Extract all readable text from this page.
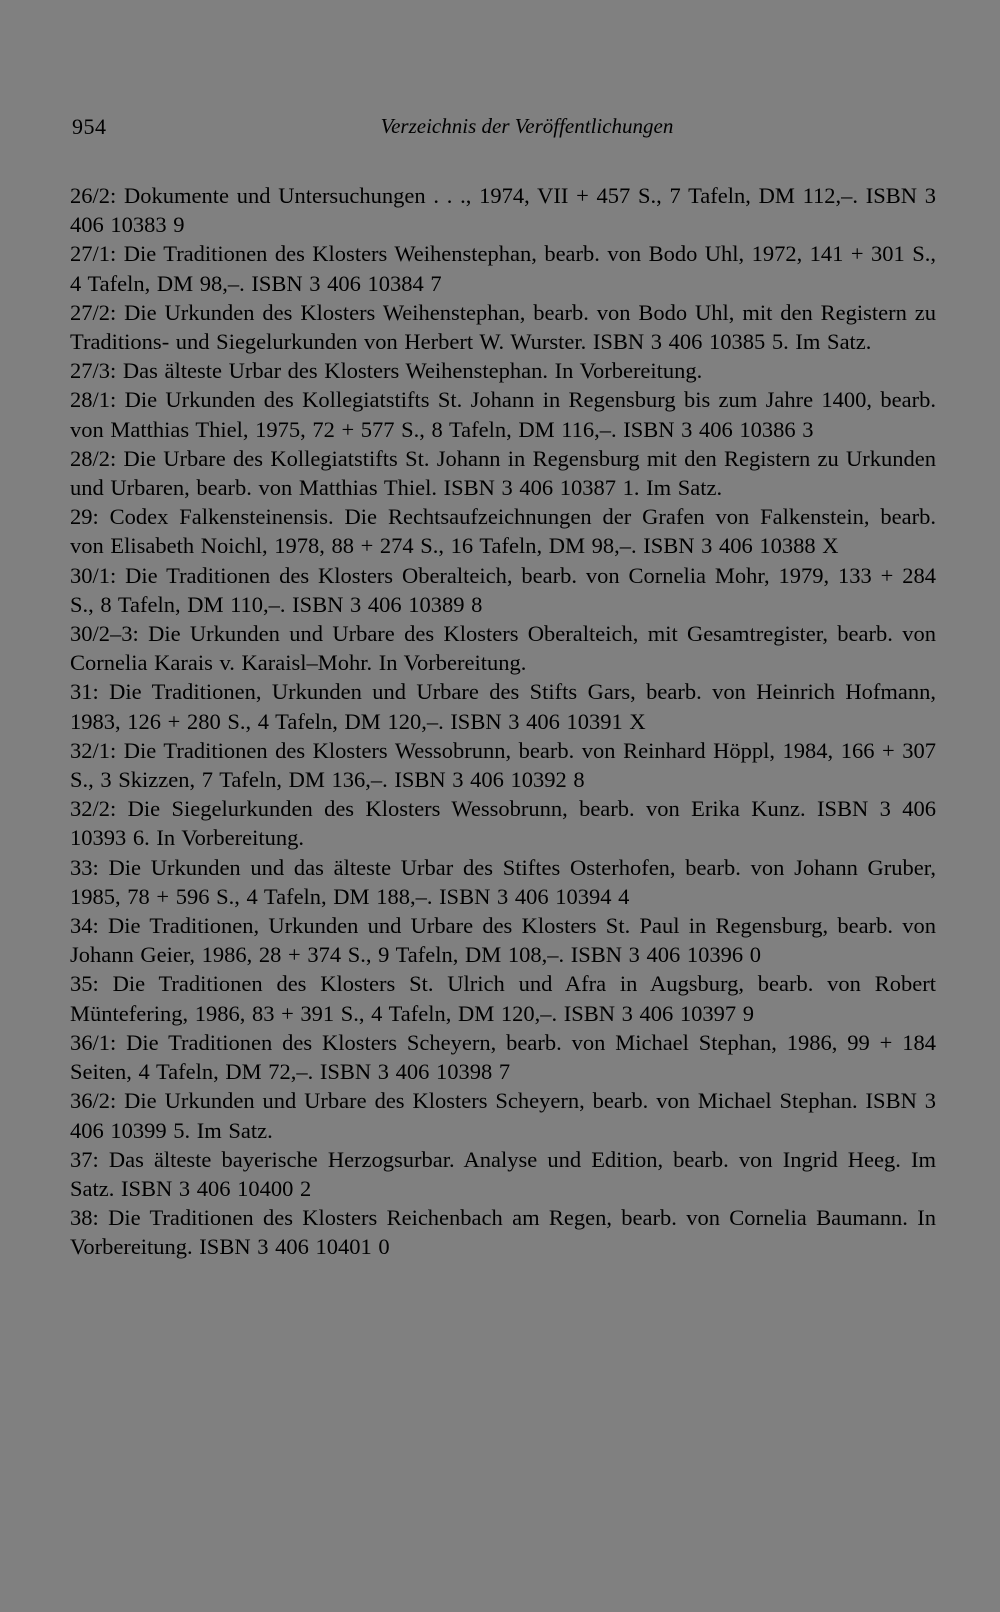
954	Verzeichnis der Veröffentlichungen
26/2: Dokumente und Untersuchungen . . ., 1974, VII + 457 S., 7 Tafeln, DM 112,–. ISBN 3 406 10383 9
27/1: Die Traditionen des Klosters Weihenstephan, bearb. von Bodo Uhl, 1972, 141 + 301 S., 4 Tafeln, DM 98,–. ISBN 3 406 10384 7
27/2: Die Urkunden des Klosters Weihenstephan, bearb. von Bodo Uhl, mit den Registern zu Traditions- und Siegelurkunden von Herbert W. Wurster. ISBN 3 406 10385 5. Im Satz.
27/3: Das älteste Urbar des Klosters Weihenstephan. In Vorbereitung.
28/1: Die Urkunden des Kollegiatstifts St. Johann in Regensburg bis zum Jahre 1400, bearb. von Matthias Thiel, 1975, 72 + 577 S., 8 Tafeln, DM 116,–. ISBN 3 406 10386 3
28/2: Die Urbare des Kollegiatstifts St. Johann in Regensburg mit den Registern zu Urkunden und Urbaren, bearb. von Matthias Thiel. ISBN 3 406 10387 1. Im Satz.
29: Codex Falkensteinensis. Die Rechtsaufzeichnungen der Grafen von Falkenstein, bearb. von Elisabeth Noichl, 1978, 88 + 274 S., 16 Tafeln, DM 98,–. ISBN 3 406 10388 X
30/1: Die Traditionen des Klosters Oberalteich, bearb. von Cornelia Mohr, 1979, 133 + 284 S., 8 Tafeln, DM 110,–. ISBN 3 406 10389 8
30/2–3: Die Urkunden und Urbare des Klosters Oberalteich, mit Gesamtregister, bearb. von Cornelia Karais v. Karaisl–Mohr. In Vorbereitung.
31: Die Traditionen, Urkunden und Urbare des Stifts Gars, bearb. von Heinrich Hofmann, 1983, 126 + 280 S., 4 Tafeln, DM 120,–. ISBN 3 406 10391 X
32/1: Die Traditionen des Klosters Wessobrunn, bearb. von Reinhard Höppl, 1984, 166 + 307 S., 3 Skizzen, 7 Tafeln, DM 136,–. ISBN 3 406 10392 8
32/2: Die Siegelurkunden des Klosters Wessobrunn, bearb. von Erika Kunz. ISBN 3 406 10393 6. In Vorbereitung.
33: Die Urkunden und das älteste Urbar des Stiftes Osterhofen, bearb. von Johann Gruber, 1985, 78 + 596 S., 4 Tafeln, DM 188,–. ISBN 3 406 10394 4
34: Die Traditionen, Urkunden und Urbare des Klosters St. Paul in Regensburg, bearb. von Johann Geier, 1986, 28 + 374 S., 9 Tafeln, DM 108,–. ISBN 3 406 10396 0
35: Die Traditionen des Klosters St. Ulrich und Afra in Augsburg, bearb. von Robert Müntefering, 1986, 83 + 391 S., 4 Tafeln, DM 120,–. ISBN 3 406 10397 9
36/1: Die Traditionen des Klosters Scheyern, bearb. von Michael Stephan, 1986, 99 + 184 Seiten, 4 Tafeln, DM 72,–. ISBN 3 406 10398 7
36/2: Die Urkunden und Urbare des Klosters Scheyern, bearb. von Michael Stephan. ISBN 3 406 10399 5. Im Satz.
37: Das älteste bayerische Herzogsurbar. Analyse und Edition, bearb. von Ingrid Heeg. Im Satz. ISBN 3 406 10400 2
38: Die Traditionen des Klosters Reichenbach am Regen, bearb. von Cornelia Baumann. In Vorbereitung. ISBN 3 406 10401 0
